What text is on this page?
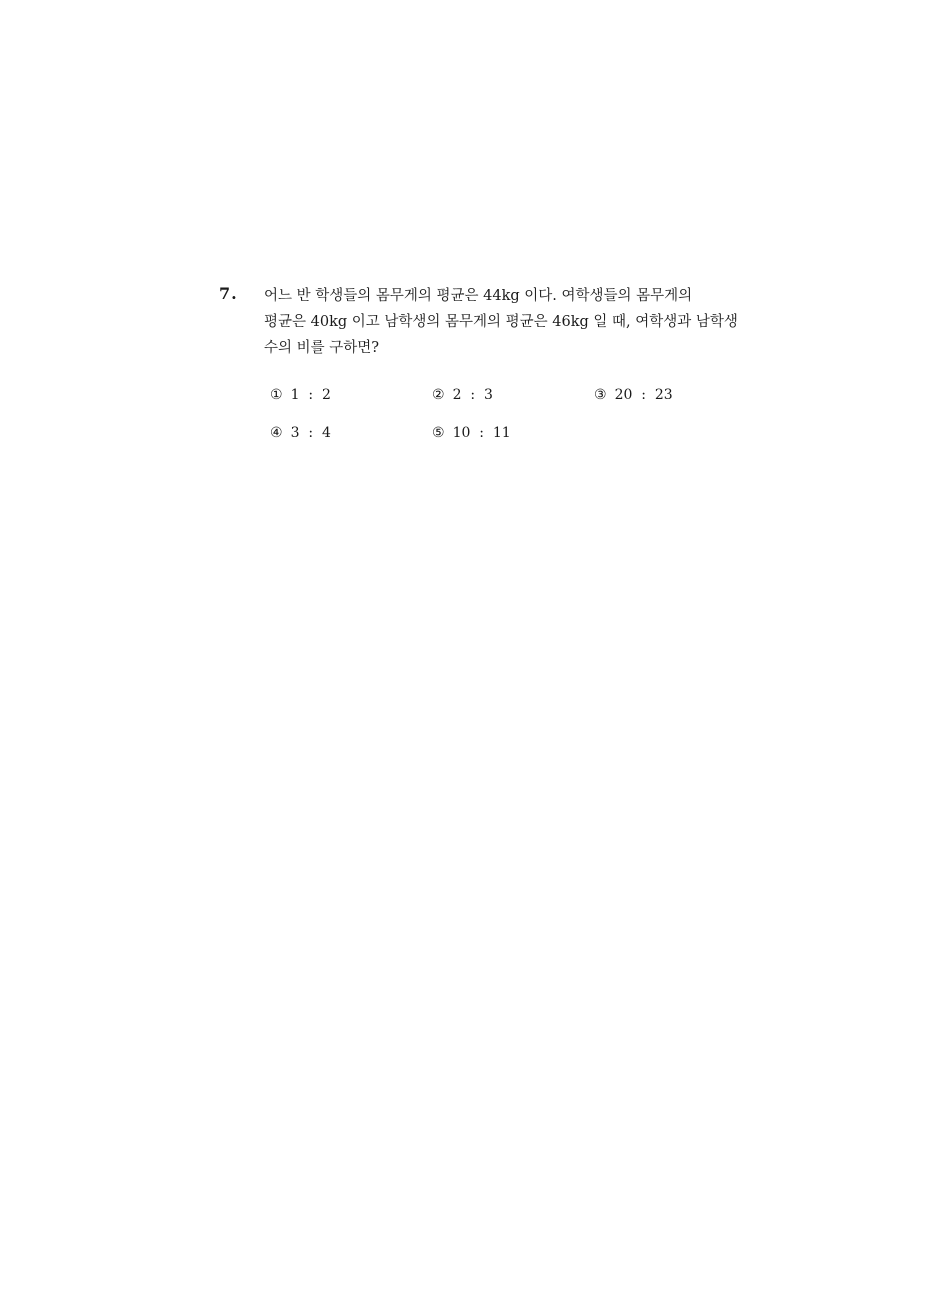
7. 어느 반 학생들의 몸무게의 평균은 44kg 이다. 여학생들의 몸무게의
평균은 40kg 이고 남학생의 몸무게의 평균은 46kg 일 때, 여학생과 남학생
수의 비를 구하면?

① 1  :  2	② 2  :  3	③ 20  :  23
④ 3  :  4	⑤ 10  :  11
